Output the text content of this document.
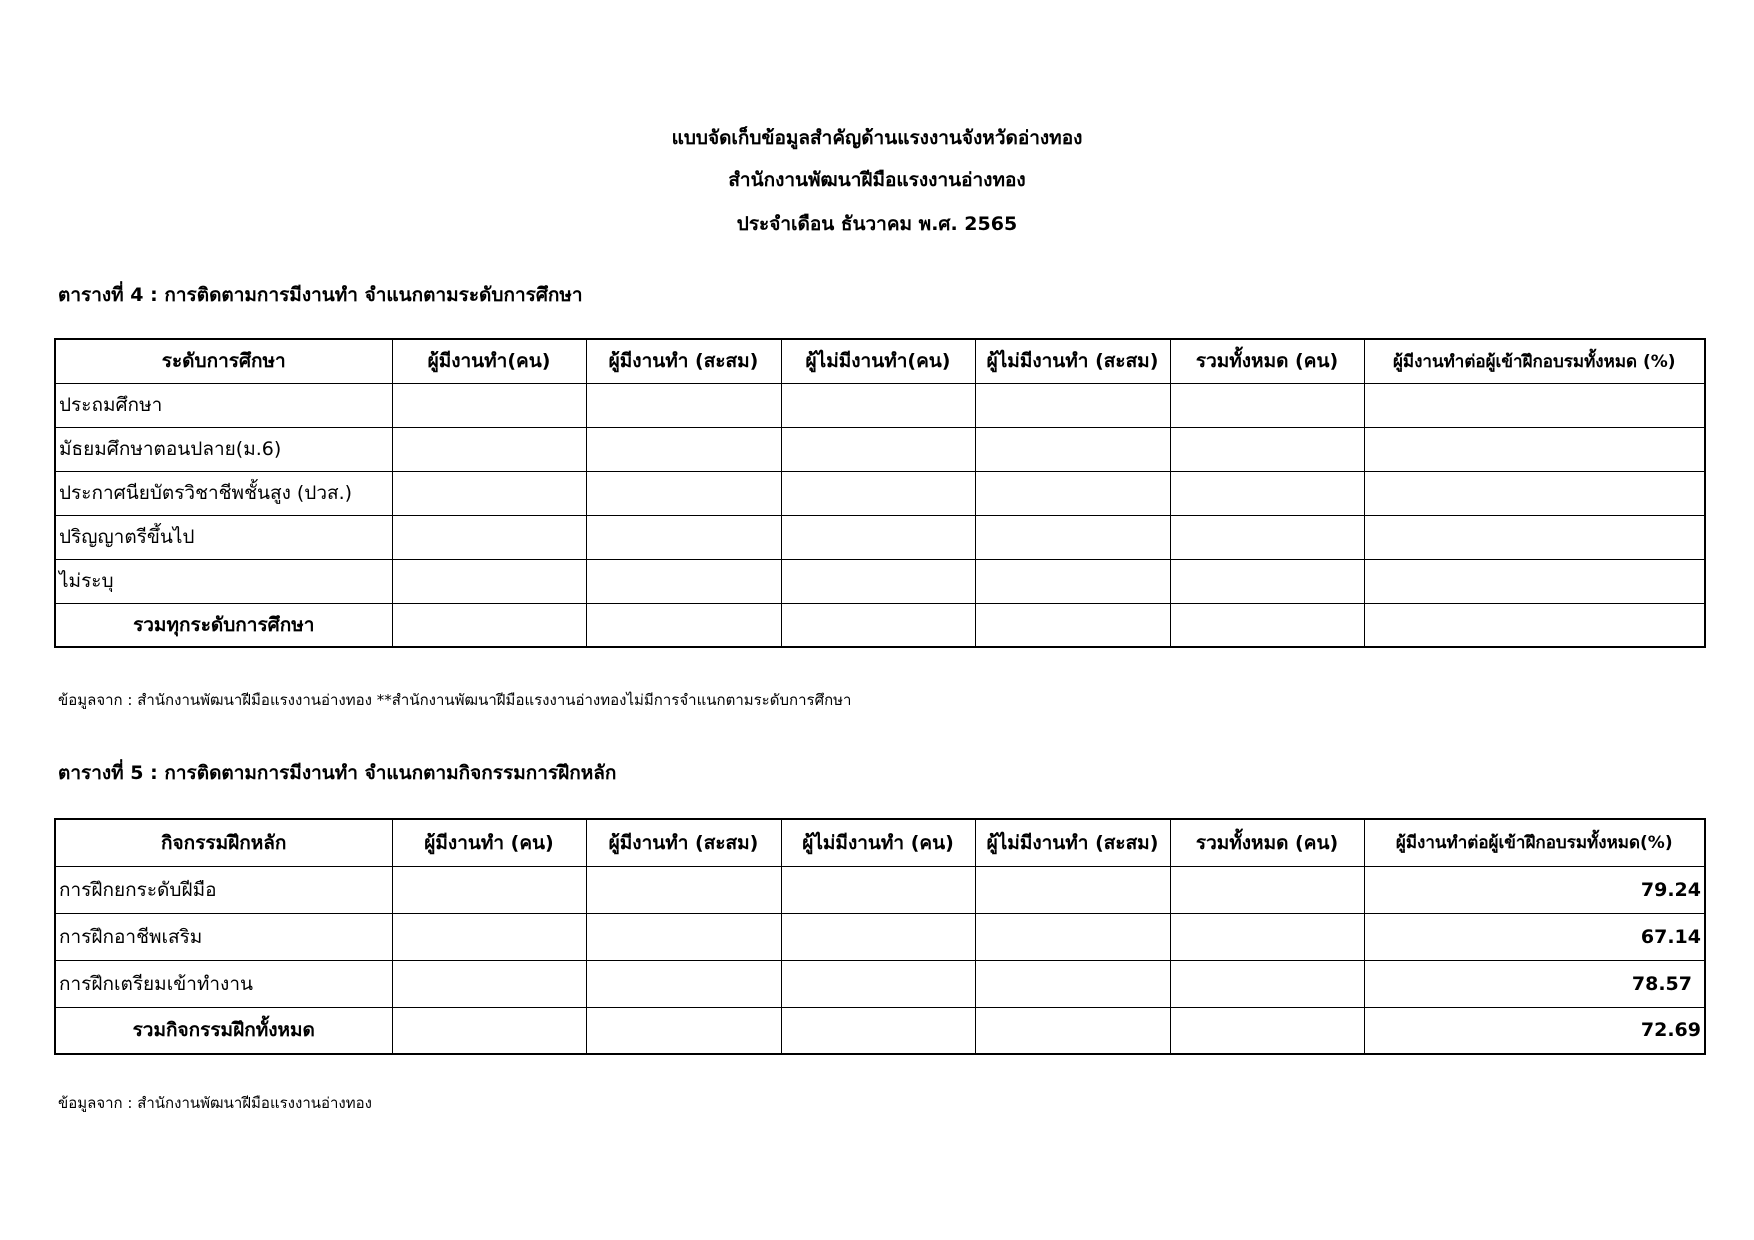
แบบจัดเก็บข้อมูลสำคัญด้านแรงงานจังหวัดอ่างทอง
สำนักงานพัฒนาฝีมือแรงงานอ่างทอง
ประจำเดือน ธันวาคม พ.ศ. 2565
ตารางที่ 4 : การติดตามการมีงานทำ จำแนกตามระดับการศึกษา
ระดับการศึกษา	ผู้มีงานทำ(คน)	ผู้มีงานทำ (สะสม)	ผู้ไม่มีงานทำ(คน)	ผู้ไม่มีงานทำ (สะสม)	รวมทั้งหมด (คน)	ผู้มีงานทำต่อผู้เข้าฝึกอบรมทั้งหมด (%)
ประถมศึกษา						
มัธยมศึกษาตอนปลาย(ม.6)						
ประกาศนียบัตรวิชาชีพชั้นสูง (ปวส.)						
ปริญญาตรีขึ้นไป						
ไม่ระบุ						
รวมทุกระดับการศึกษา						
ข้อมูลจาก : สำนักงานพัฒนาฝีมือแรงงานอ่างทอง **สำนักงานพัฒนาฝีมือแรงงานอ่างทองไม่มีการจำแนกตามระดับการศึกษา
ตารางที่ 5 : การติดตามการมีงานทำ จำแนกตามกิจกรรมการฝึกหลัก
กิจกรรมฝึกหลัก	ผู้มีงานทำ (คน)	ผู้มีงานทำ (สะสม)	ผู้ไม่มีงานทำ (คน)	ผู้ไม่มีงานทำ (สะสม)	รวมทั้งหมด (คน)	ผู้มีงานทำต่อผู้เข้าฝึกอบรมทั้งหมด(%)
การฝึกยกระดับฝีมือ						79.24
การฝึกอาชีพเสริม						67.14
การฝึกเตรียมเข้าทำงาน						78.57
รวมกิจกรรมฝึกทั้งหมด						72.69
ข้อมูลจาก : สำนักงานพัฒนาฝีมือแรงงานอ่างทอง
